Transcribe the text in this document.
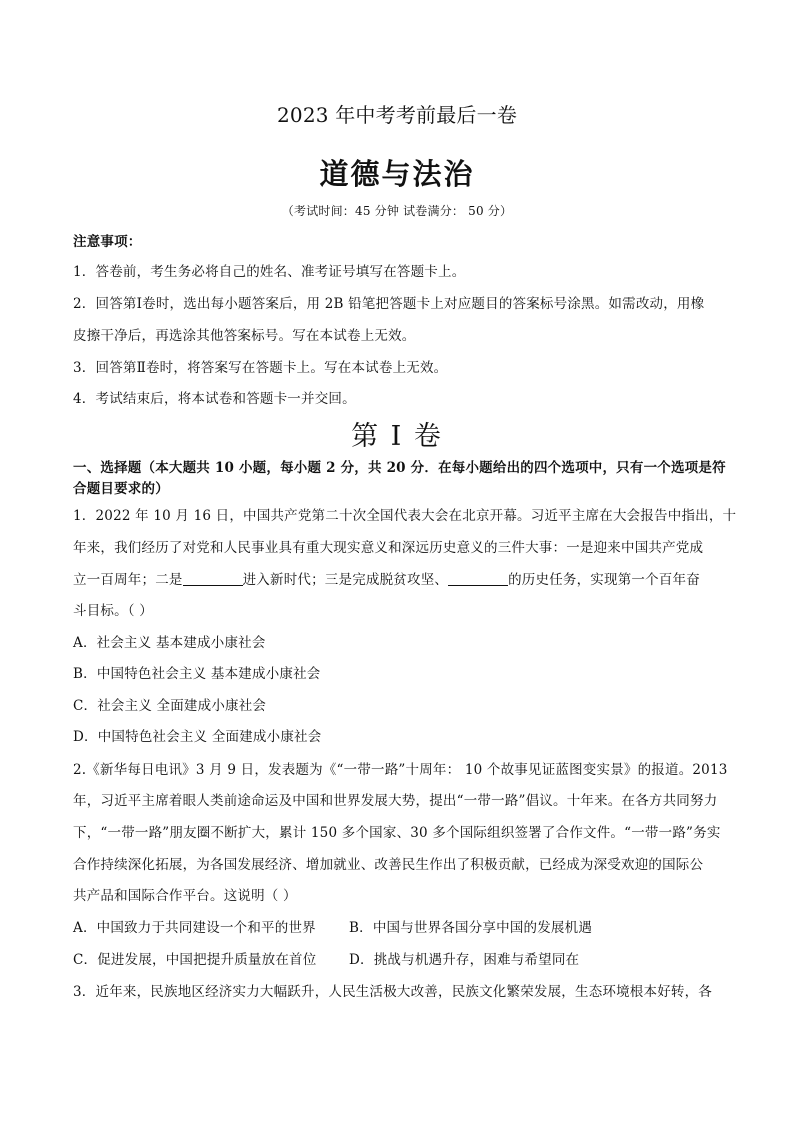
2023 年中考考前最后一卷
道德与法治
（考试时间：45 分钟 试卷满分： 50 分）
注意事项：
1．答卷前，考生务必将自己的姓名、准考证号填写在答题卡上。
2．回答第Ⅰ卷时，选出每小题答案后，用 2B 铅笔把答题卡上对应题目的答案标号涂黑。如需改动，用橡
皮擦干净后，再选涂其他答案标号。写在本试卷上无效。
3．回答第Ⅱ卷时，将答案写在答题卡上。写在本试卷上无效。
4．考试结束后，将本试卷和答题卡一并交回。
第 I 卷
一、选择题（本大题共 10 小题，每小题 2 分，共 20 分．在每小题给出的四个选项中，只有一个选项是符
合题目要求的）
1．2022 年 10 月 16 日，中国共产党第二十次全国代表大会在北京开幕。习近平主席在大会报告中指出，十
年来，我们经历了对党和人民事业具有重大现实意义和深远历史意义的三件大事：一是迎来中国共产党成
立一百周年；二是	进入新时代；三是完成脱贫攻坚、	的历史任务，实现第一个百年奋
斗目标。（ ）
A．社会主义 基本建成小康社会
B．中国特色社会主义 基本建成小康社会
C．社会主义 全面建成小康社会
D．中国特色社会主义 全面建成小康社会
2.《新华每日电讯》3 月 9 日，发表题为《“一带一路”十周年： 10 个故事见证蓝图变实景》的报道。2013
年，习近平主席着眼人类前途命运及中国和世界发展大势，提出“一带一路”倡议。十年来。在各方共同努力
下，“一带一路”朋友圈不断扩大，累计 150 多个国家、30 多个国际组织签署了合作文件。“一带一路”务实
合作持续深化拓展，为各国发展经济、增加就业、改善民生作出了积极贡献，已经成为深受欢迎的国际公
共产品和国际合作平台。这说明（ ）
A．中国致力于共同建设一个和平的世界 B．中国与世界各国分享中国的发展机遇
C．促进发展，中国把提升质量放在首位 D．挑战与机遇升存，困难与希望同在
3．近年来，民族地区经济实力大幅跃升，人民生活极大改善，民族文化繁荣发展，生态环境根本好转，各
